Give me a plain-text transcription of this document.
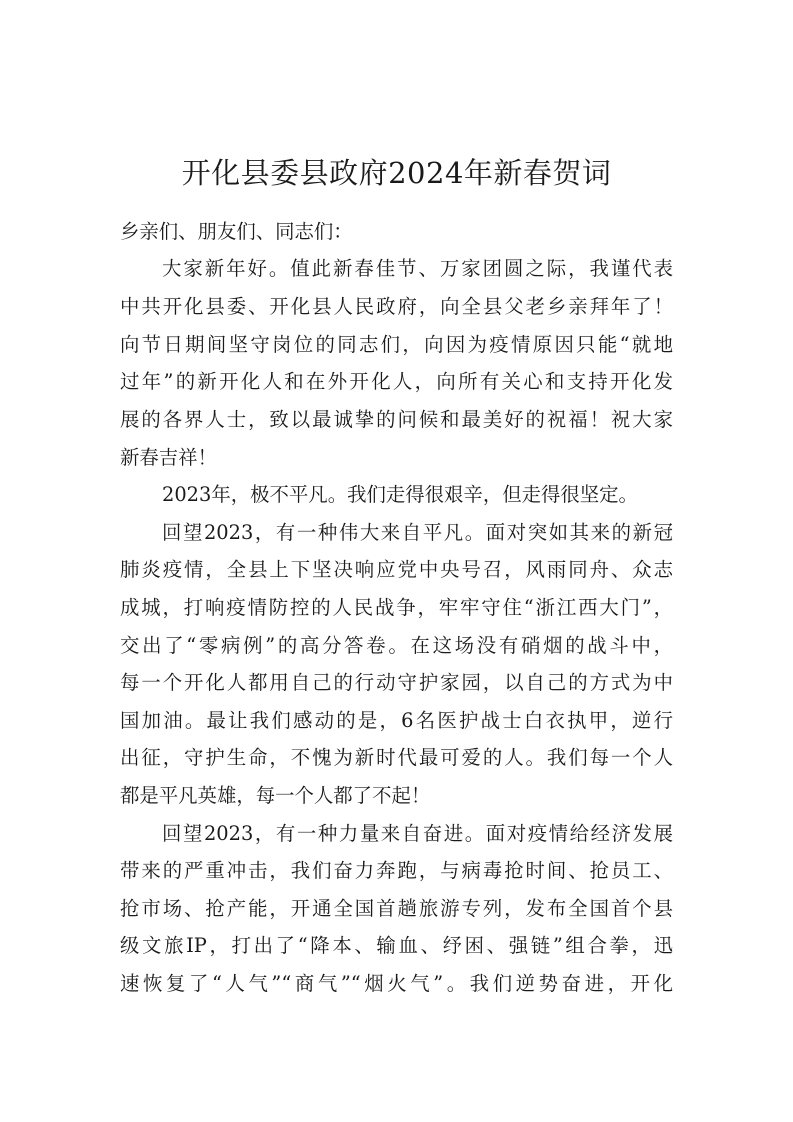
开化县委县政府2024年新春贺词
乡亲们、朋友们、同志们：
大家新年好。值此新春佳节、万家团圆之际，我谨代表
中共开化县委、开化县人民政府，向全县父老乡亲拜年了！
向节日期间坚守岗位的同志们，向因为疫情原因只能“就地
过年”的新开化人和在外开化人，向所有关心和支持开化发
展的各界人士，致以最诚挚的问候和最美好的祝福！祝大家
新春吉祥！
2023年，极不平凡。我们走得很艰辛，但走得很坚定。
回望2023，有一种伟大来自平凡。面对突如其来的新冠
肺炎疫情，全县上下坚决响应党中央号召，风雨同舟、众志
成城，打响疫情防控的人民战争，牢牢守住“浙江西大门”，
交出了“零病例”的高分答卷。在这场没有硝烟的战斗中，
每一个开化人都用自己的行动守护家园，以自己的方式为中
国加油。最让我们感动的是，6名医护战士白衣执甲，逆行
出征，守护生命，不愧为新时代最可爱的人。我们每一个人
都是平凡英雄，每一个人都了不起！
回望2023，有一种力量来自奋进。面对疫情给经济发展
带来的严重冲击，我们奋力奔跑，与病毒抢时间、抢员工、
抢市场、抢产能，开通全国首趟旅游专列，发布全国首个县
级文旅IP，打出了“降本、输血、纾困、强链”组合拳，迅
速恢复了“人气”“商气”“烟火气”。我们逆势奋进，开化
